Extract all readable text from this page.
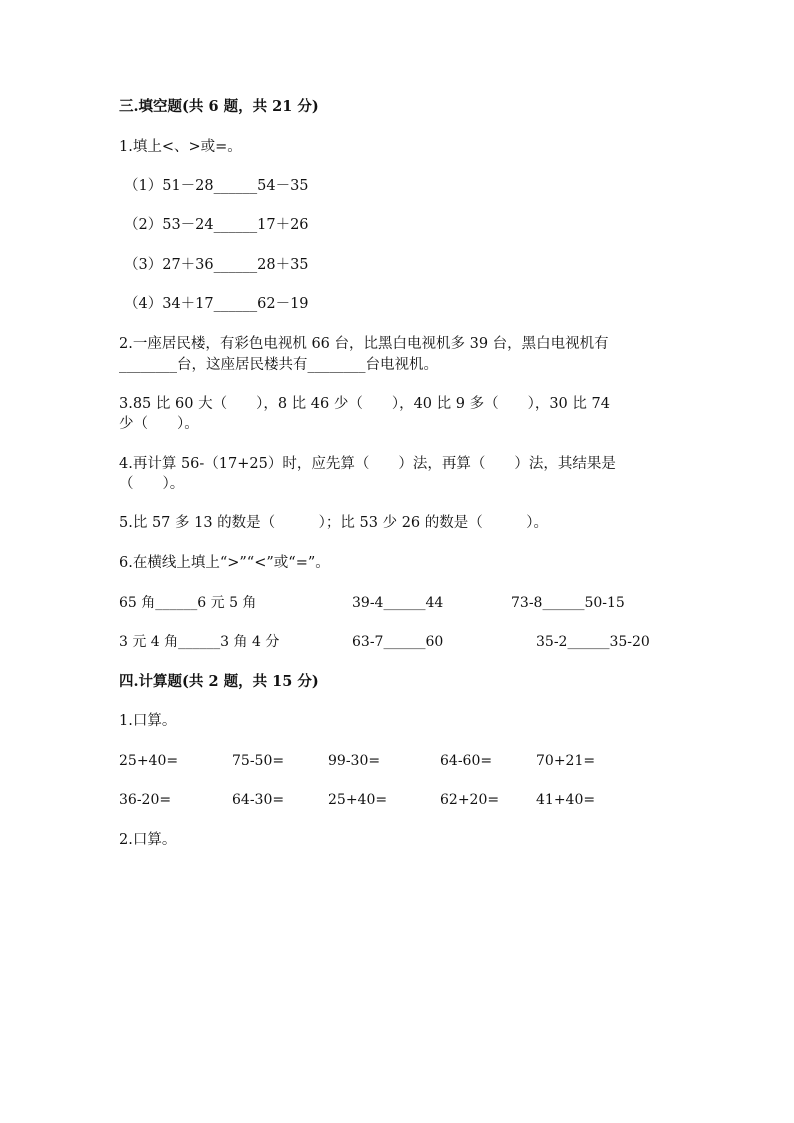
三.填空题(共 6 题，共 21 分)
1.填上<、>或=。
（1）51－28______54－35
（2）53－24______17＋26
（3）27＋36______28＋35
（4）34＋17______62－19
2.一座居民楼，有彩色电视机 66 台，比黑白电视机多 39 台，黑白电视机有
________台，这座居民楼共有________台电视机。
3.85 比 60 大（　　），8 比 46 少（　　），40 比 9 多（　　），30 比 74
少（　　）。
4.再计算 56-（17+25）时，应先算（　　）法，再算（　　）法，其结果是
（　　）。
5.比 57 多 13 的数是（　　　）；比 53 少 26 的数是（　　　）。
6.在横线上填上“>”“<”或“=”。
65 角______6 元 5 角	39-4______44	73-8______50-15
3 元 4 角______3 角 4 分	63-7______60	35-2______35-20
四.计算题(共 2 题，共 15 分)
1.口算。
25+40=	75-50=	99-30=	64-60=	70+21=
36-20=	64-30=	25+40=	62+20=	41+40=
2.口算。
